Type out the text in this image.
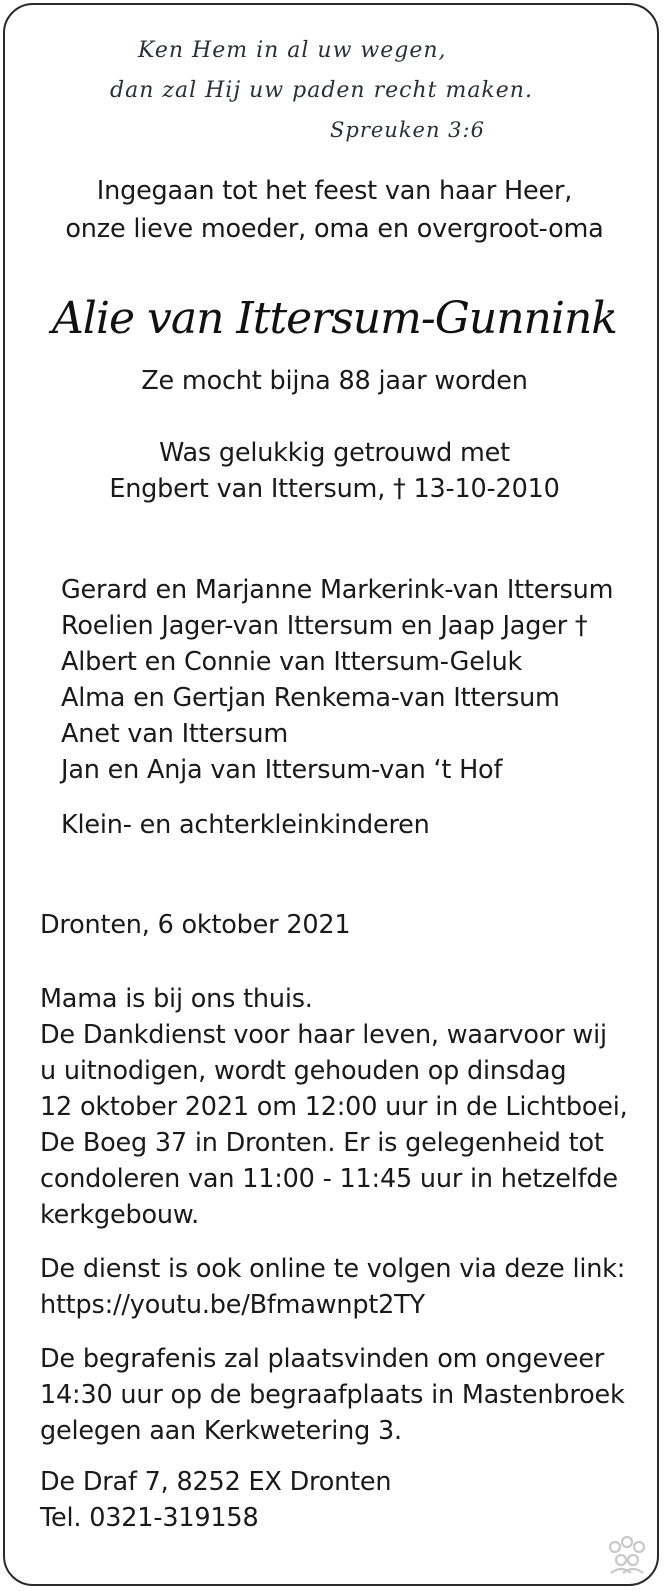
Ken Hem in al uw wegen,
dan zal Hij uw paden recht maken.
Spreuken 3:6
Ingegaan tot het feest van haar Heer,
onze lieve moeder, oma en overgroot-oma
Alie van Ittersum-Gunnink
Ze mocht bijna 88 jaar worden
Was gelukkig getrouwd met
Engbert van Ittersum, † 13-10-2010
Gerard en Marjanne Markerink-van Ittersum
Roelien Jager-van Ittersum en Jaap Jager †
Albert en Connie van Ittersum-Geluk
Alma en Gertjan Renkema-van Ittersum
Anet van Ittersum
Jan en Anja van Ittersum-van ‘t Hof
Klein- en achterkleinkinderen
Dronten, 6 oktober 2021
Mama is bij ons thuis.
De Dankdienst voor haar leven, waarvoor wij
u uitnodigen, wordt gehouden op dinsdag
12 oktober 2021 om 12:00 uur in de Lichtboei,
De Boeg 37 in Dronten. Er is gelegenheid tot
condoleren van 11:00 - 11:45 uur in hetzelfde
kerkgebouw.
De dienst is ook online te volgen via deze link:
https://youtu.be/Bfmawnpt2TY
De begrafenis zal plaatsvinden om ongeveer
14:30 uur op de begraafplaats in Mastenbroek
gelegen aan Kerkwetering 3.
De Draf 7, 8252 EX Dronten
Tel. 0321-319158
